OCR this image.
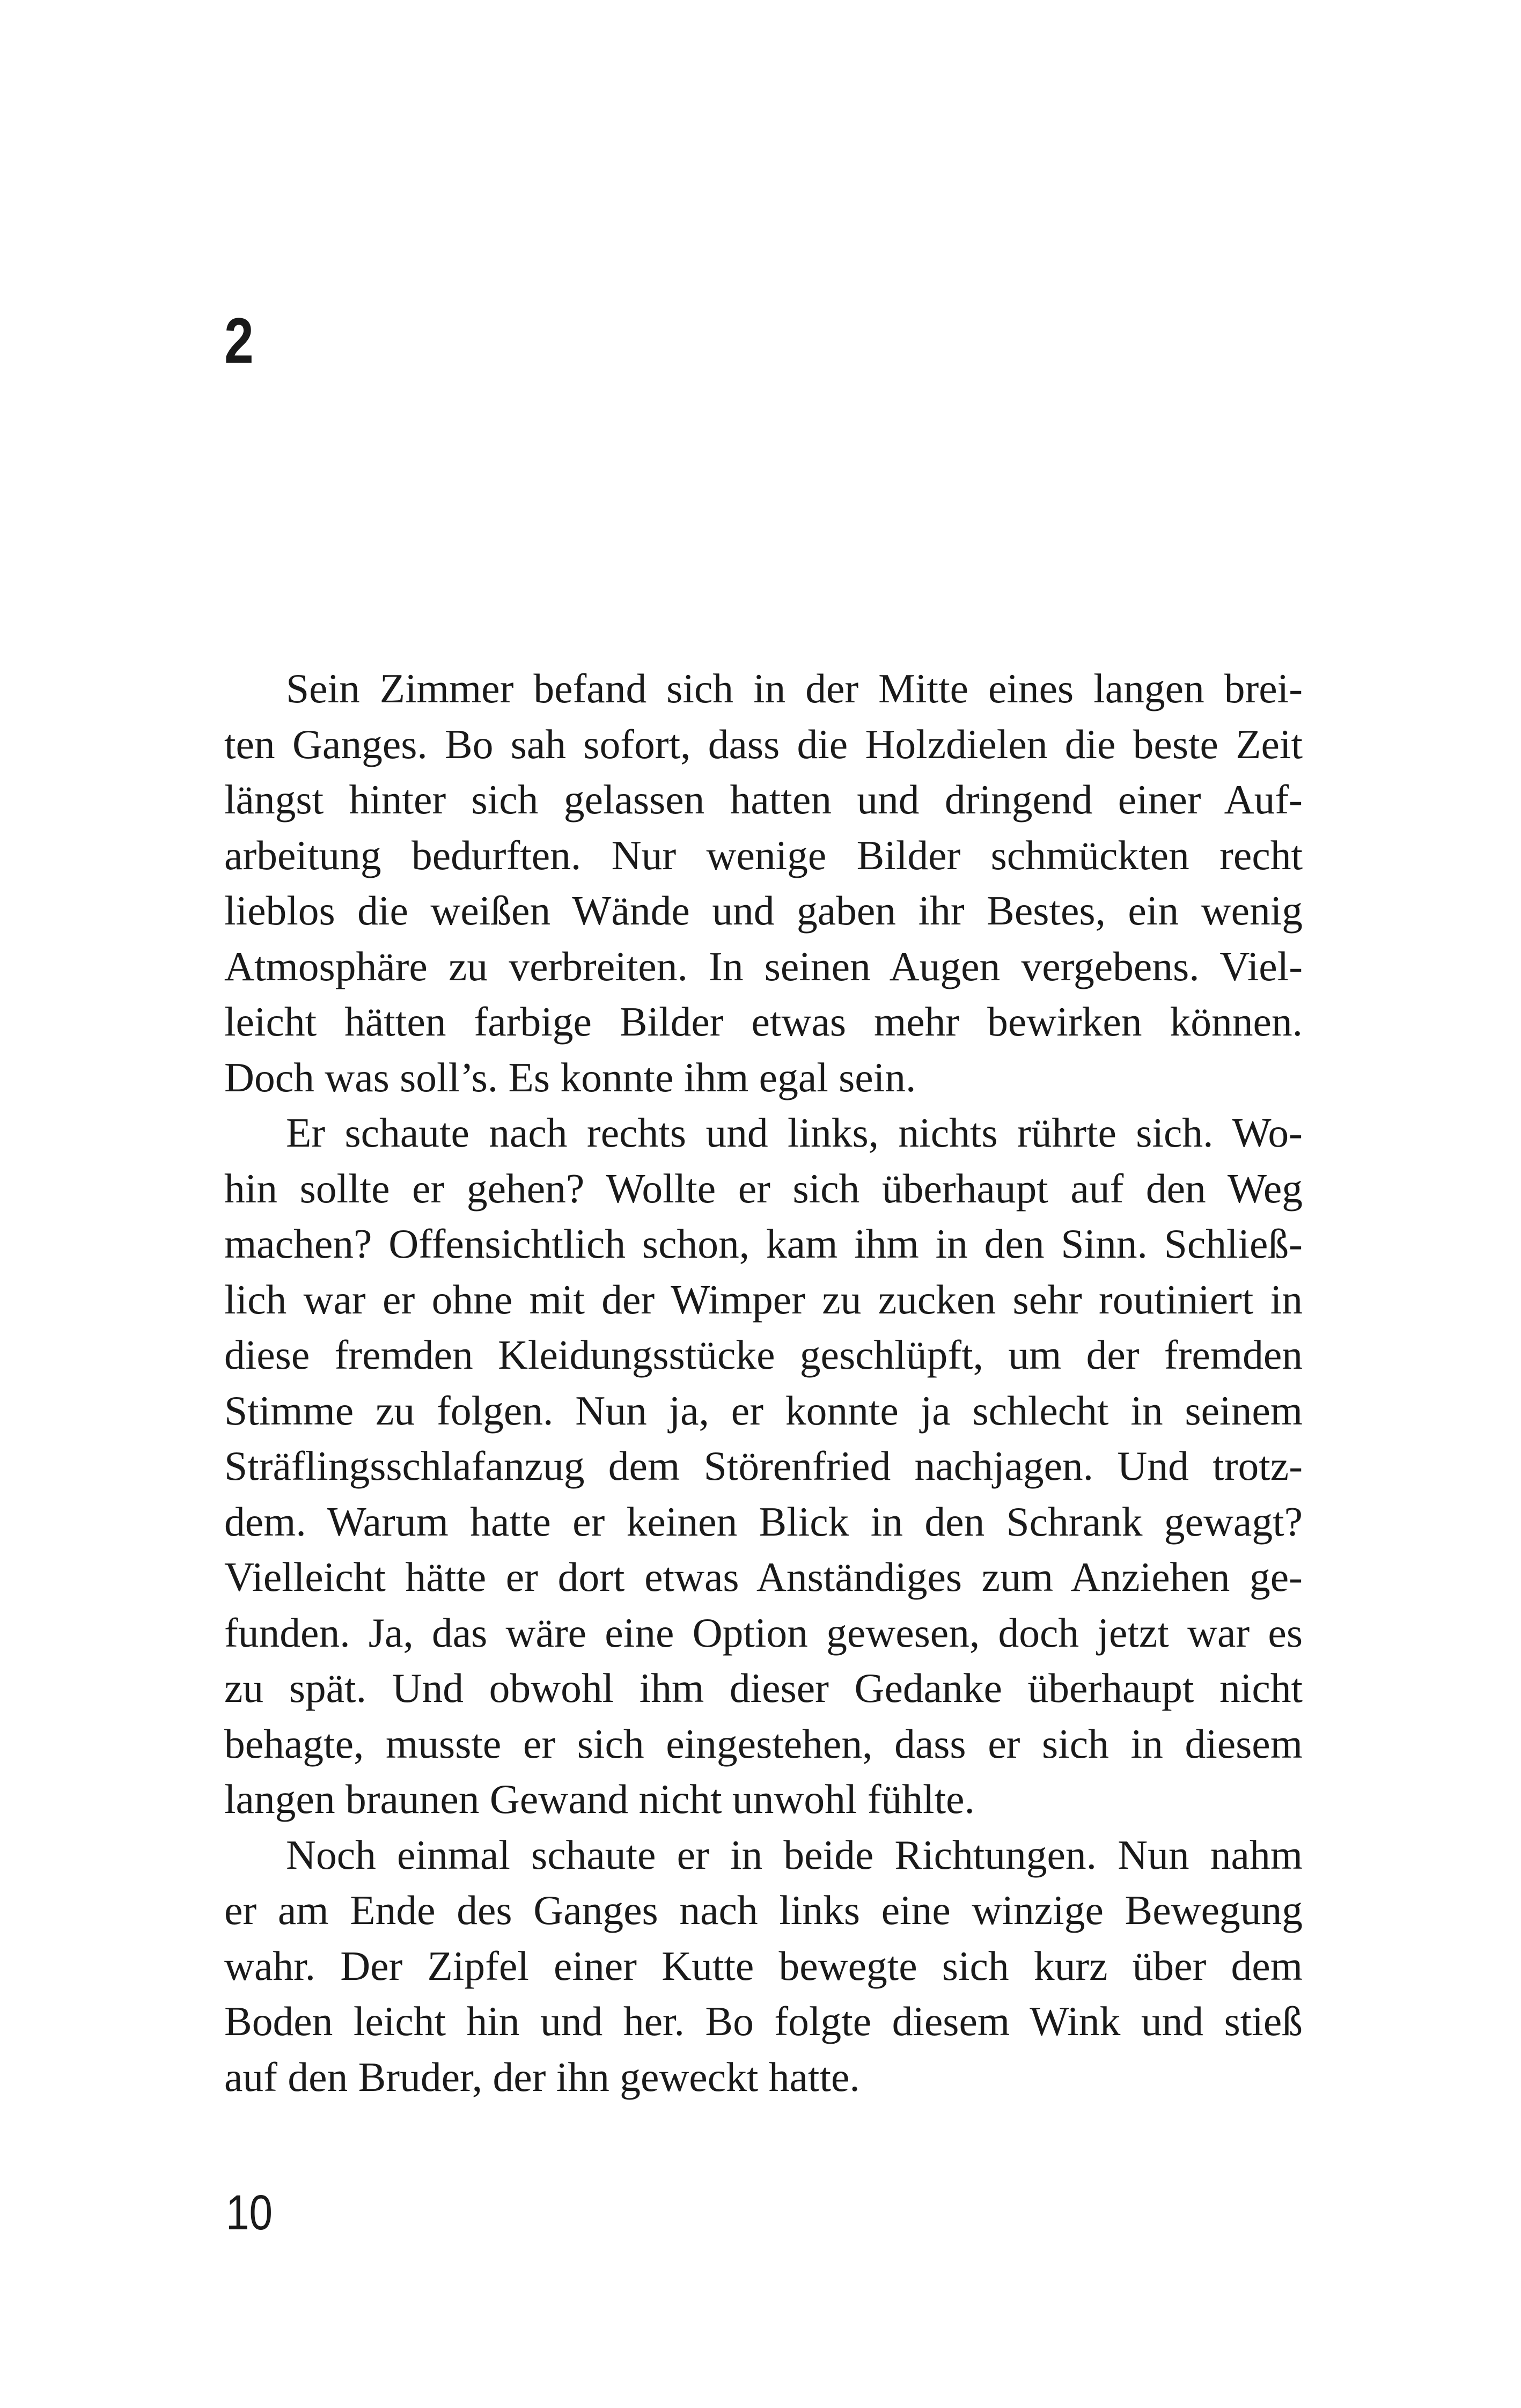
2
Sein Zimmer befand sich in der Mitte eines langen brei-
ten Ganges. Bo sah sofort, dass die Holzdielen die beste Zeit
längst hinter sich gelassen hatten und dringend einer Auf-
arbeitung bedurften. Nur wenige Bilder schmückten recht
lieblos die weißen Wände und gaben ihr Bestes, ein wenig
Atmosphäre zu verbreiten. In seinen Augen vergebens. Viel-
leicht hätten farbige Bilder etwas mehr bewirken können.
Doch was soll’s. Es konnte ihm egal sein.
Er schaute nach rechts und links, nichts rührte sich. Wo-
hin sollte er gehen? Wollte er sich überhaupt auf den Weg
machen? Offensichtlich schon, kam ihm in den Sinn. Schließ-
lich war er ohne mit der Wimper zu zucken sehr routiniert in
diese fremden Kleidungsstücke geschlüpft, um der fremden
Stimme zu folgen. Nun ja, er konnte ja schlecht in seinem
Sträflingsschlafanzug dem Störenfried nachjagen. Und trotz-
dem. Warum hatte er keinen Blick in den Schrank gewagt?
Vielleicht hätte er dort etwas Anständiges zum Anziehen ge-
funden. Ja, das wäre eine Option gewesen, doch jetzt war es
zu spät. Und obwohl ihm dieser Gedanke überhaupt nicht
behagte, musste er sich eingestehen, dass er sich in diesem
langen braunen Gewand nicht unwohl fühlte.
Noch einmal schaute er in beide Richtungen. Nun nahm
er am Ende des Ganges nach links eine winzige Bewegung
wahr. Der Zipfel einer Kutte bewegte sich kurz über dem
Boden leicht hin und her. Bo folgte diesem Wink und stieß
auf den Bruder, der ihn geweckt hatte.
10
